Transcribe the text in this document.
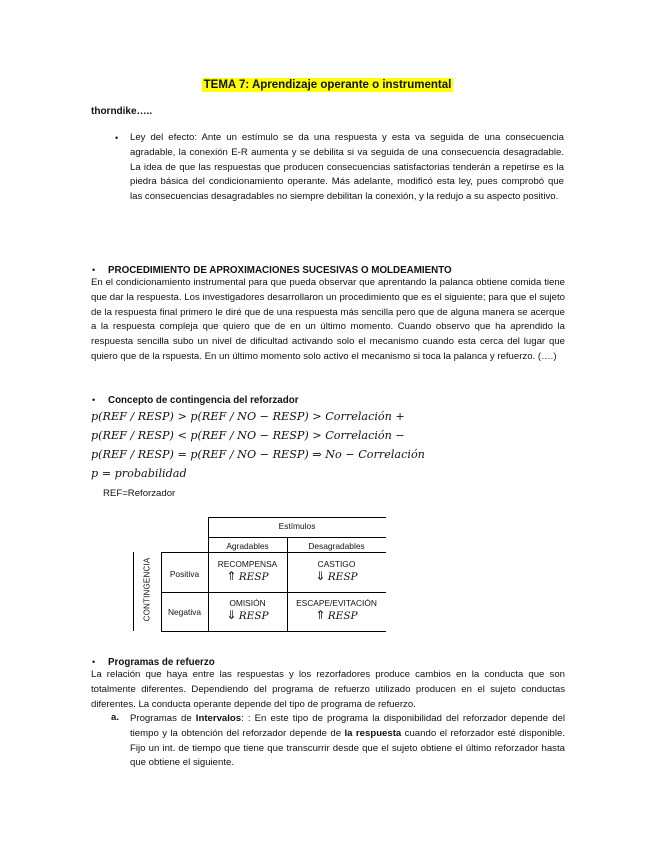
TEMA 7: Aprendizaje operante o instrumental
thorndike…..
• Ley del efecto: Ante un estímulo se da una respuesta y esta va seguida de una consecuencia agradable, la conexión E-R aumenta y se debilita si va seguida de una consecuencia desagradable. La idea de que las respuestas que producen consecuencias satisfactorias tenderán a repetirse es la piedra básica del condicionamiento operante. Más adelante, modificó esta ley, pues comprobó que las consecuencias desagradables no siempre debilitan la conexión, y la redujo a su aspecto positivo.
• PROCEDIMIENTO DE APROXIMACIONES SUCESIVAS O MOLDEAMIENTO
En el condicionamiento instrumental para que pueda observar que aprentando la palanca obtiene comida tiene que dar la respuesta. Los investigadores desarrollaron un procedimiento que es el siguiente; para que el sujeto de la respuesta final primero le diré que de una respuesta más sencilla pero que de alguna manera se acerque a la respuesta compleja que quiero que de en un último momento. Cuando observo que ha aprendido la respuesta sencilla subo un nivel de dificultad activando solo el mecanismo cuando esta cerca del lugar que quiero que de la rspuesta. En un último momento solo activo el mecanismo si toca la palanca y refuerzo. (….)
• Concepto de contingencia del reforzador
p(REF / RESP) > p(REF / NO − RESP) > Correlación +
p(REF / RESP) < p(REF / NO − RESP) > Correlación −
p(REF / RESP) = p(REF / NO − RESP) ⇒ No − Correlación
p = probabilidad
REF=Reforzador
Estímulos
Agradables	Desagradables
CONTINGENCIA	Positiva
Negativa
RECOMPENSA
⇑ RESP
CASTIGO
⇓ RESP
OMISIÓN
⇓ RESP
ESCAPE/EVITACIÓN
⇑ RESP
• Programas de refuerzo
La relación que haya entre las respuestas y los rezorfadores produce cambios en la conducta que son totalmente diferentes. Dependiendo del programa de refuerzo utilizado producen en el sujeto conductas diferentes. La conducta operante depende del tipo de programa de refuerzo.
a. Programas de Intervalos: : En este tipo de programa la disponibilidad del reforzador depende del tiempo y la obtención del reforzador depende de la respuesta cuando el reforzador esté disponible. Fijo un int. de tiempo que tiene que transcurrir desde que el sujeto obtiene el último reforzador hasta que obtiene el siguiente.
